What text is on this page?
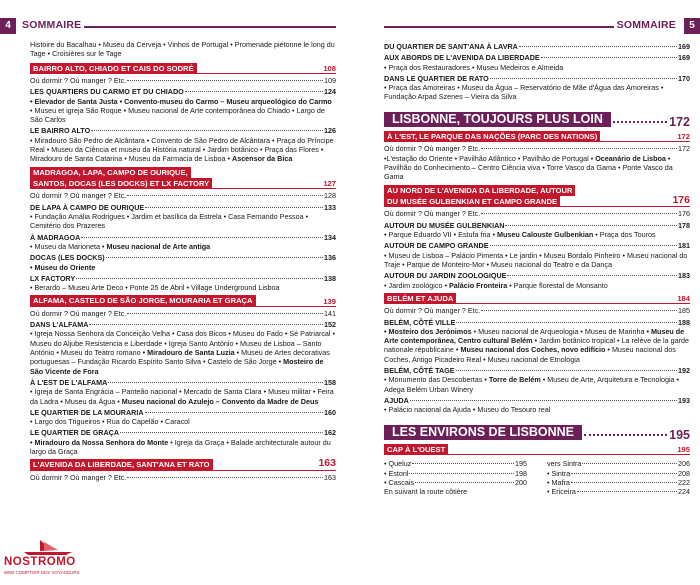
4	SOMMAIRE
Histoire du Bacalhau • Museu da Cerveja • Vinhos de Portugal • Promenade piétonne le long du Tage • Croisières sur le Tage
BAIRRO ALTO, CHIADO ET CAIS DO SODRÉ	108
Où dormir ? Où manger ? Etc.	109
LES QUARTIERS DU CARMO ET DU CHIADO	124
• Elevador de Santa Justa • Convento-museu do Carmo – Museu arqueológico do Carmo • Museu et igreja São Roque • Museu nacional de Arte contemporânea do Chiado • Largo de São Carlos
LE BAIRRO ALTO	126
• Miradouro São Pedro de Alcântara • Convento de São Pedro de Alcântara • Praça do Príncipe Real • Museu da Ciência et museu da História natural • Jardim botânico • Praça das Flores • Miradouro de Santa Catarina • Museu da Farmacia de Lisboa • Ascensor da Bica
MADRAGOA, LAPA, CAMPO DE OURIQUE,
SANTOS, DOCAS (LES DOCKS) ET LX FACTORY	127
Où dormir ? Où manger ? Etc.	128
DE LAPA À CAMPO DE OURIQUE	133
• Fundação Amália Rodrigues • Jardim et basílica da Estrela • Casa Fernando Pessoa • Cemitério dos Prazeres
À MADRAGOA	134
• Museu da Marioneta • Museu nacional de Arte antiga
DOCAS (LES DOCKS)	136
• Museu do Oriente
LX FACTORY	138
• Berardo – Museu Arte Deco • Ponte 25 de Abril • Village Underground Lisboa
ALFAMA, CASTELO DE SÃO JORGE, MOURARIA ET GRAÇA	139
Où dormir ? Où manger ? Etc.	141
DANS L'ALFAMA	152
• Igreja Nossa Senhora da Conceição Velha • Casa dos Bicos • Museu do Fado • Sé Patriarcal • Museu do Aljube Resistencia e Liberdade • Igreja Santo António • Museu de Lisboa – Santo António • Museu do Teatro romano • Miradouro de Santa Luzia • Museu de Artes decorativas portuguesas – Fundação Ricardo Espírito Santo Silva • Castelo de São Jorge • Mosteiro de São Vicente de Fora
À L'EST DE L'ALFAMA	158
• Igreja de Santa Engrácia – Panteão nacional • Mercado de Santa Clara • Museu militar • Feira da Ladra • Museu da Água • Museu nacional do Azulejo – Convento da Madre de Deus
LE QUARTIER DE LA MOURARIA	160
• Largo dos Trigueiros • Rua do Capelão • Caracol
LE QUARTIER DE GRAÇA	162
• Miradouro da Nossa Senhora do Monte • Igreja da Graça • Balade architecturale autour du largo da Graça
L'AVENIDA DA LIBERDADE, SANT'ANA ET RATO	163
Où dormir ? Où manger ? Etc.	163
NOSTROMO
WEB COMPTOIR DES VOYAGEURS
SOMMAIRE	5
DU QUARTIER DE SANT'ANA À LAVRA	169
AUX ABORDS DE L'AVENIDA DA LIBERDADE	169
• Praça dos Restauradores • Museu Medeiros e Almeida
DANS LE QUARTIER DE RATO	170
• Praça das Amoreiras • Museu da Água – Reservatório de Mãe d'Água das Amoreiras • Fundação Arpad Szenes – Vieira da Silva
LISBONNE, TOUJOURS PLUS LOIN	172
À L'EST, LE PARQUE DAS NAÇÕES (PARC DES NATIONS)	172
Où dormir ? Où manger ? Etc.	172
•L'estação do Oriente • Pavilhão Atlântico • Pavilhão de Portugal • Oceanário de Lisboa • Pavilhão do Conhecimento – Centro Ciência viva • Torre Vasco da Gama • Ponte Vasco da Gama
AU NORD DE L'AVENIDA DA LIBERDADE, AUTOUR
DU MUSÉE GULBENKIAN ET CAMPO GRANDE	176
Où dormir ? Où manger ? Etc.	176
AUTOUR DU MUSÉE GULBENKIAN	178
• Parque Eduardo VII • Estufa fria • Museu Calouste Gulbenkian • Praça dos Touros
AUTOUR DE CAMPO GRANDE	181
• Museu de Lisboa – Palácio Pimenta • Le jardin • Museu Bordalo Pinheiro • Museu nacional do Traje • Parque de Monteiro-Mor • Museu nacional do Teatro e da Dança
AUTOUR DU JARDIN ZOOLOGIQUE	183
• Jardim zoológico • Palácio Fronteira • Parque florestal de Monsanto
BELÉM ET AJUDA	184
Où dormir ? Où manger ? Etc.	185
BELÉM, CÔTÉ VILLE	188
• Mosteiro dos Jerónimos • Museu nacional de Arqueologia • Museu de Marinha • Museu de Arte contemporânea, Centro cultural Belém • Jardim botânico tropical • La relève de la garde nationale républicaine • Museu nacional dos Coches, novo edifício • Museu nacional dos Coches, Antigo Picadeiro Real • Museu nacional de Etnologia
BELÉM, CÔTÉ TAGE	192
• Monumento das Descobertas • Torre de Belém • Museu de Arte, Arquitetura e Tecnologia • Adega Belém Urban Winery
AJUDA	193
• Palácio nacional da Ajuda • Museu do Tesouro real
LES ENVIRONS DE LISBONNE	195
CAP À L'OUEST	195
• Queluz	195
• Estoril	198
• Cascais	200
En suivant la route côtière
vers Sintra	206
• Sintra	208
• Mafra	222
• Ericeira	224
